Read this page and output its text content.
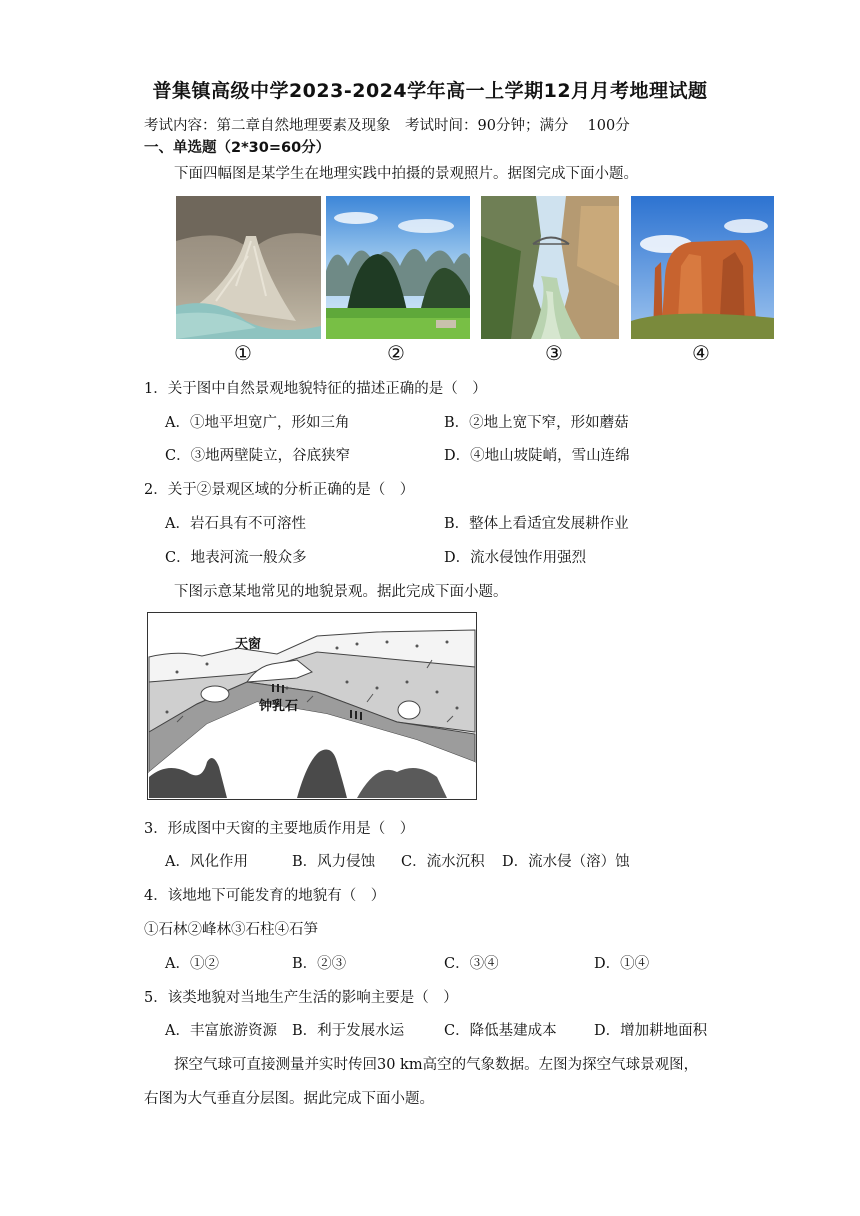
普集镇高级中学2023-2024学年高一上学期12月月考地理试题
考试内容：第二章自然地理要素及现象　考试时间：90分钟；满分　 100分
一、单选题（2*30=60分）
下面四幅图是某学生在地理实践中拍摄的景观照片。据图完成下面小题。
①	②	③	④
1．关于图中自然景观地貌特征的描述正确的是（　）
A．①地平坦宽广，形如三角	B．②地上宽下窄，形如蘑菇
C．③地两壁陡立，谷底狭窄	D．④地山坡陡峭，雪山连绵
2．关于②景观区域的分析正确的是（　）
A．岩石具有不可溶性	B．整体上看适宜发展耕作业
C．地表河流一般众多	D．流水侵蚀作用强烈
下图示意某地常见的地貌景观。据此完成下面小题。
天窗
钟乳石
3．形成图中天窗的主要地质作用是（　）
A．风化作用	B．风力侵蚀 C．流水沉积 D．流水侵（溶）蚀
4．该地地下可能发育的地貌有（　）
①石林②峰林③石柱④石笋
A．①②	B．②③	C．③④	D．①④
5．该类地貌对当地生产生活的影响主要是（　）
A．丰富旅游资源 B．利于发展水运	C．降低基建成本	D．增加耕地面积
探空气球可直接测量并实时传回30 km高空的气象数据。左图为探空气球景观图，
右图为大气垂直分层图。据此完成下面小题。
